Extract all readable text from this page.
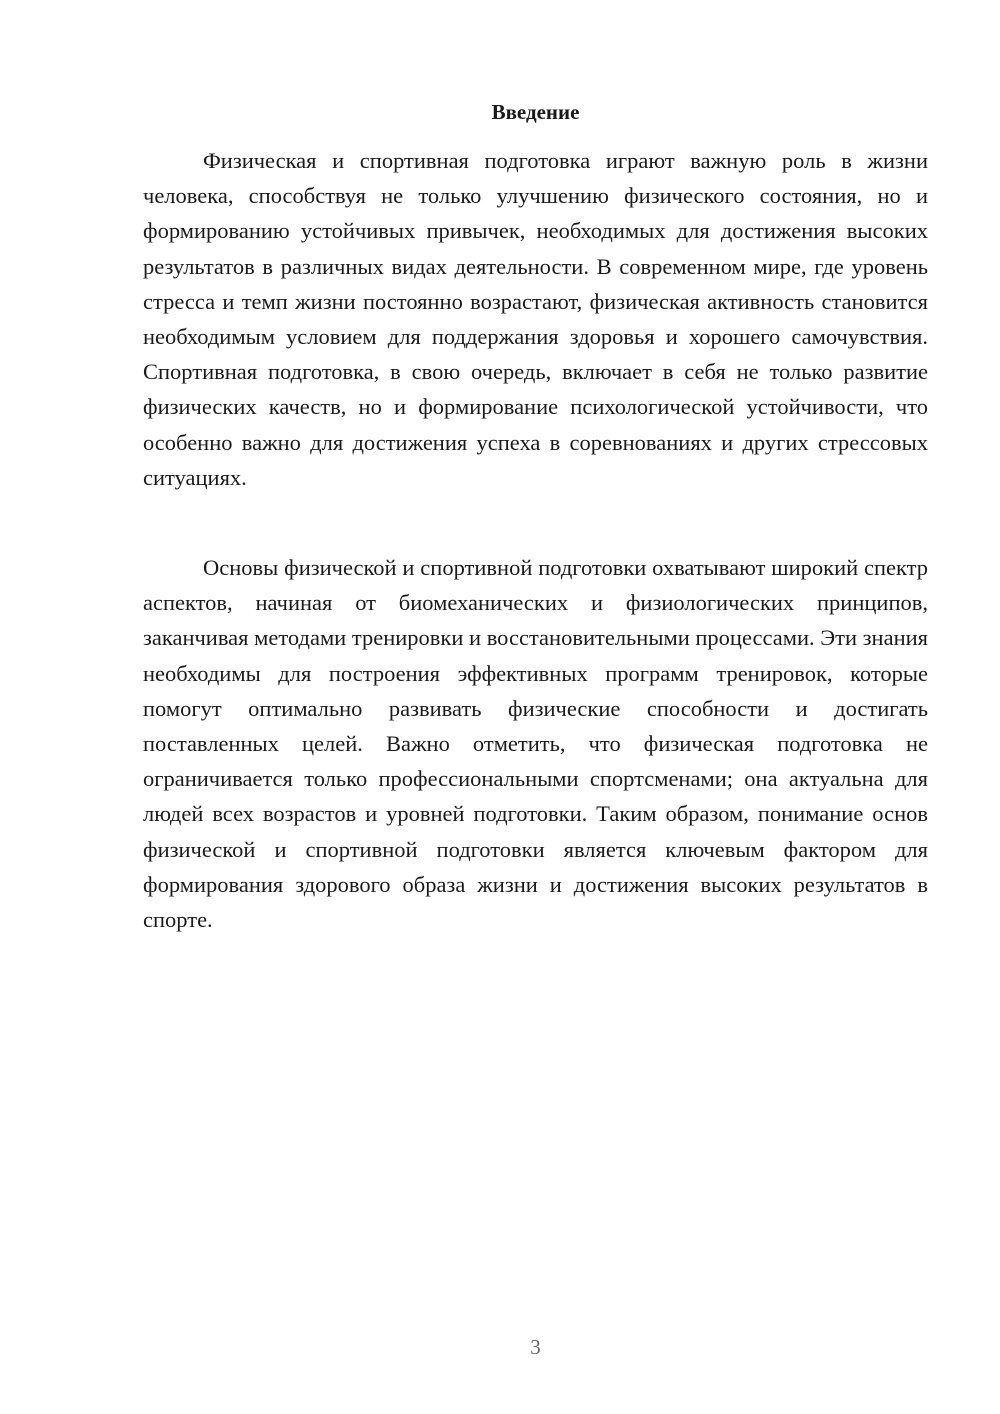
Введение

Физическая и спортивная подготовка играют важную роль в жизни человека, способствуя не только улучшению физического состояния, но и формированию устойчивых привычек, необходимых для достижения высоких результатов в различных видах деятельности. В современном мире, где уровень стресса и темп жизни постоянно возрастают, физическая активность становится необходимым условием для поддержания здоровья и хорошего самочувствия. Спортивная подготовка, в свою очередь, включает в себя не только развитие физических качеств, но и формирование психологической устойчивости, что особенно важно для достижения успеха в соревнованиях и других стрессовых ситуациях.

Основы физической и спортивной подготовки охватывают широкий спектр аспектов, начиная от биомеханических и физиологических принципов, заканчивая методами тренировки и восстановительными процессами. Эти знания необходимы для построения эффективных программ тренировок, которые помогут оптимально развивать физические способности и достигать поставленных целей. Важно отметить, что физическая подготовка не ограничивается только профессиональными спортсменами; она актуальна для людей всех возрастов и уровней подготовки. Таким образом, понимание основ физической и спортивной подготовки является ключевым фактором для формирования здорового образа жизни и достижения высоких результатов в спорте.

3
